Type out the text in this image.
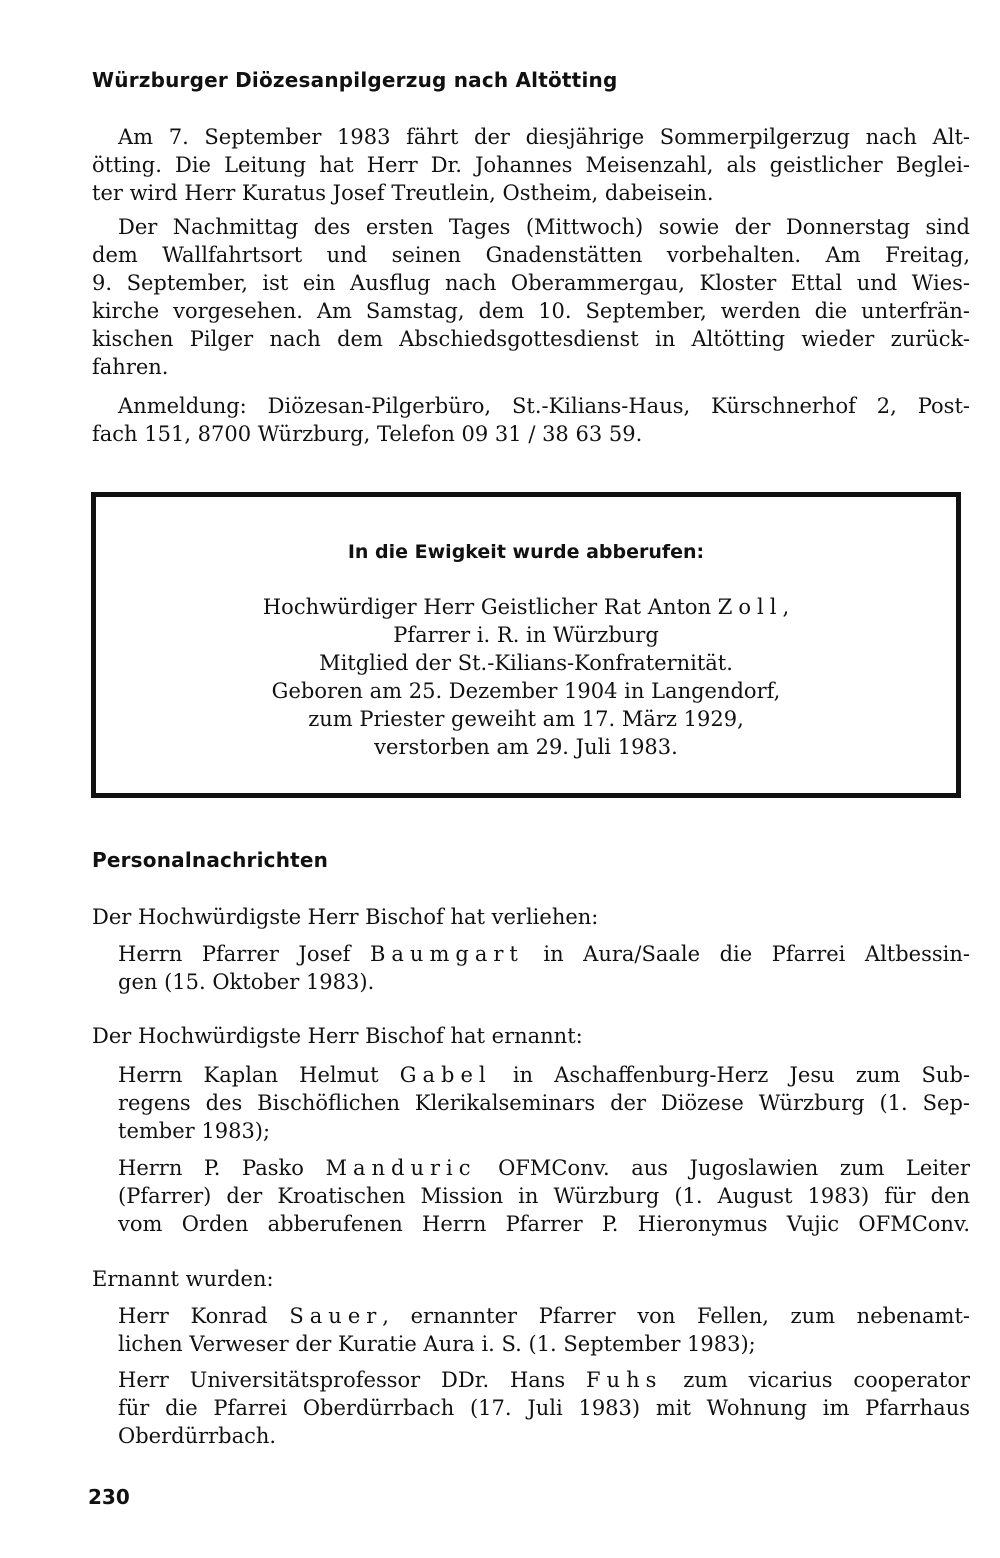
Würzburger Diözesanpilgerzug nach Altötting
Am 7. September 1983 fährt der diesjährige Sommerpilgerzug nach Alt-
ötting. Die Leitung hat Herr Dr. Johannes Meisenzahl, als geistlicher Beglei-
ter wird Herr Kuratus Josef Treutlein, Ostheim, dabeisein.
Der Nachmittag des ersten Tages (Mittwoch) sowie der Donnerstag sind
dem Wallfahrtsort und seinen Gnadenstätten vorbehalten. Am Freitag,
9. September, ist ein Ausflug nach Oberammergau, Kloster Ettal und Wies-
kirche vorgesehen. Am Samstag, dem 10. September, werden die unterfrän-
kischen Pilger nach dem Abschiedsgottesdienst in Altötting wieder zurück-
fahren.
Anmeldung: Diözesan-Pilgerbüro, St.-Kilians-Haus, Kürschnerhof 2, Post-
fach 151, 8700 Würzburg, Telefon 09 31 / 38 63 59.
In die Ewigkeit wurde abberufen:
Hochwürdiger Herr Geistlicher Rat Anton Zoll,
Pfarrer i. R. in Würzburg
Mitglied der St.-Kilians-Konfraternität.
Geboren am 25. Dezember 1904 in Langendorf,
zum Priester geweiht am 17. März 1929,
verstorben am 29. Juli 1983.
Personalnachrichten
Der Hochwürdigste Herr Bischof hat verliehen:
Herrn Pfarrer Josef Baumgart in Aura/Saale die Pfarrei Altbessin-
gen (15. Oktober 1983).
Der Hochwürdigste Herr Bischof hat ernannt:
Herrn Kaplan Helmut Gabel in Aschaffenburg-Herz Jesu zum Sub-
regens des Bischöflichen Klerikalseminars der Diözese Würzburg (1. Sep-
tember 1983);
Herrn P. Pasko Manduric OFMConv. aus Jugoslawien zum Leiter
(Pfarrer) der Kroatischen Mission in Würzburg (1. August 1983) für den
vom Orden abberufenen Herrn Pfarrer P. Hieronymus Vujic OFMConv.
Ernannt wurden:
Herr Konrad Sauer, ernannter Pfarrer von Fellen, zum nebenamt-
lichen Verweser der Kuratie Aura i. S. (1. September 1983);
Herr Universitätsprofessor DDr. Hans Fuhs zum vicarius cooperator
für die Pfarrei Oberdürrbach (17. Juli 1983) mit Wohnung im Pfarrhaus
Oberdürrbach.
230
